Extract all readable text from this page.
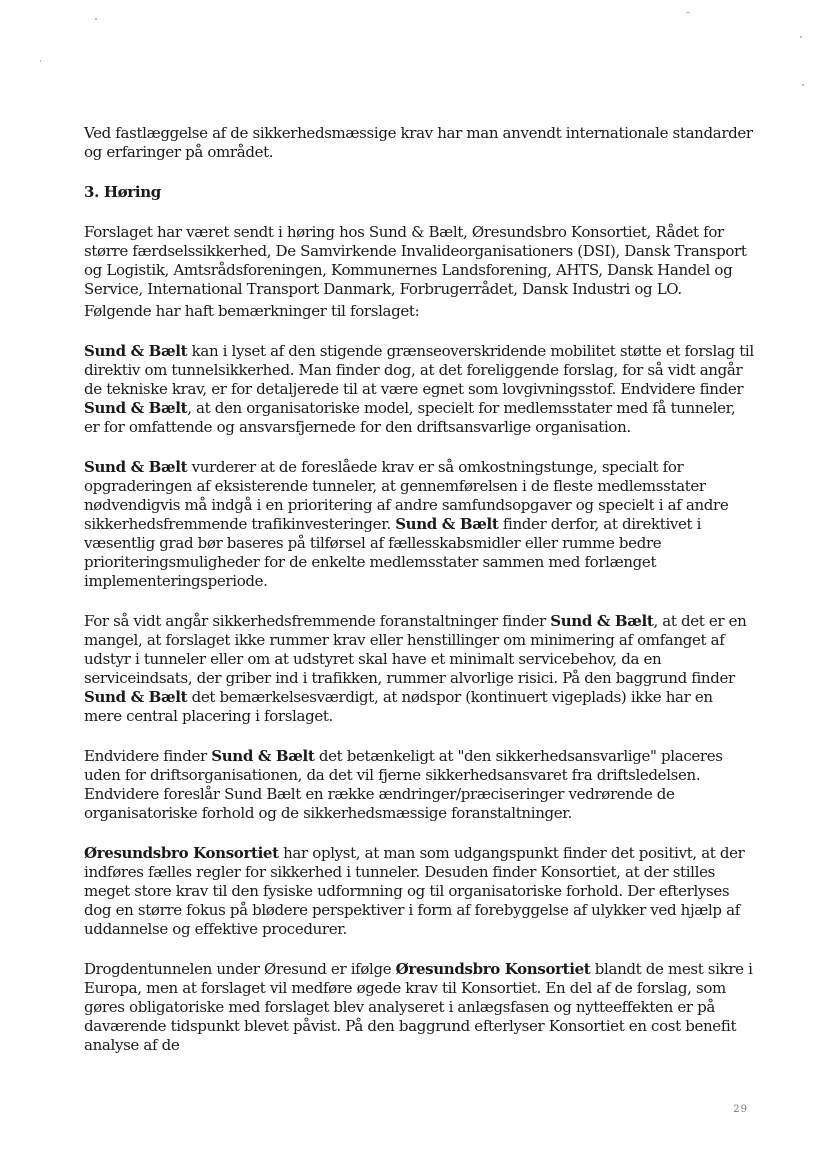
Ved fastlæggelse af de sikkerhedsmæssige krav har man anvendt internationale standarder og erfaringer på området.

3. Høring

Forslaget har været sendt i høring hos Sund & Bælt, Øresundsbro Konsortiet, Rådet for større færdselssikkerhed, De Samvirkende Invalideorganisationers (DSI), Dansk Transport og Logistik, Amtsrådsforeningen, Kommunernes Landsforening, AHTS, Dansk Handel og Service, International Transport Danmark, Forbrugerrådet, Dansk Industri og LO.

Følgende har haft bemærkninger til forslaget:

Sund & Bælt kan i lyset af den stigende grænseoverskridende mobilitet støtte et forslag til direktiv om tunnelsikkerhed. Man finder dog, at det foreliggende forslag, for så vidt angår de tekniske krav, er for detaljerede til at være egnet som lovgivningsstof. Endvidere finder Sund & Bælt, at den organisatoriske model, specielt for medlemsstater med få tunneler, er for omfattende og ansvarsfjernede for den driftsansvarlige organisation.

Sund & Bælt vurderer at de foreslåede krav er så omkostningstunge, specialt for opgraderingen af eksisterende tunneler, at gennemførelsen i de fleste medlemsstater nødvendigvis må indgå i en prioritering af andre samfundsopgaver og specielt i af andre sikkerhedsfremmende trafikinvesteringer. Sund & Bælt finder derfor, at direktivet i væsentlig grad bør baseres på tilførsel af fællesskabsmidler eller rumme bedre prioriteringsmuligheder for de enkelte medlemsstater sammen med forlænget implementeringsperiode.

For så vidt angår sikkerhedsfremmende foranstaltninger finder Sund & Bælt, at det er en mangel, at forslaget ikke rummer krav eller henstillinger om minimering af omfanget af udstyr i tunneler eller om at udstyret skal have et minimalt servicebehov, da en serviceindsats, der griber ind i trafikken, rummer alvorlige risici. På den baggrund finder Sund & Bælt det bemærkelsesværdigt, at nødspor (kontinuert vigeplads) ikke har en mere central placering i forslaget.

Endvidere finder Sund & Bælt det betænkeligt at "den sikkerhedsansvarlige" placeres uden for driftsorganisationen, da det vil fjerne sikkerhedsansvaret fra driftsledelsen. Endvidere foreslår Sund Bælt en række ændringer/præciseringer vedrørende de organisatoriske forhold og de sikkerhedsmæssige foranstaltninger.

Øresundsbro Konsortiet har oplyst, at man som udgangspunkt finder det positivt, at der indføres fælles regler for sikkerhed i tunneler. Desuden finder Konsortiet, at der stilles meget store krav til den fysiske udformning og til organisatoriske forhold. Der efterlyses dog en større fokus på blødere perspektiver i form af forebyggelse af ulykker ved hjælp af uddannelse og effektive procedurer.

Drogdentunnelen under Øresund er ifølge Øresundsbro Konsortiet blandt de mest sikre i Europa, men at forslaget vil medføre øgede krav til Konsortiet. En del af de forslag, som gøres obligatoriske med forslaget blev analyseret i anlægsfasen og nytteeffekten er på daværende tidspunkt blevet påvist. På den baggrund efterlyser Konsortiet en cost benefit analyse af de

29
